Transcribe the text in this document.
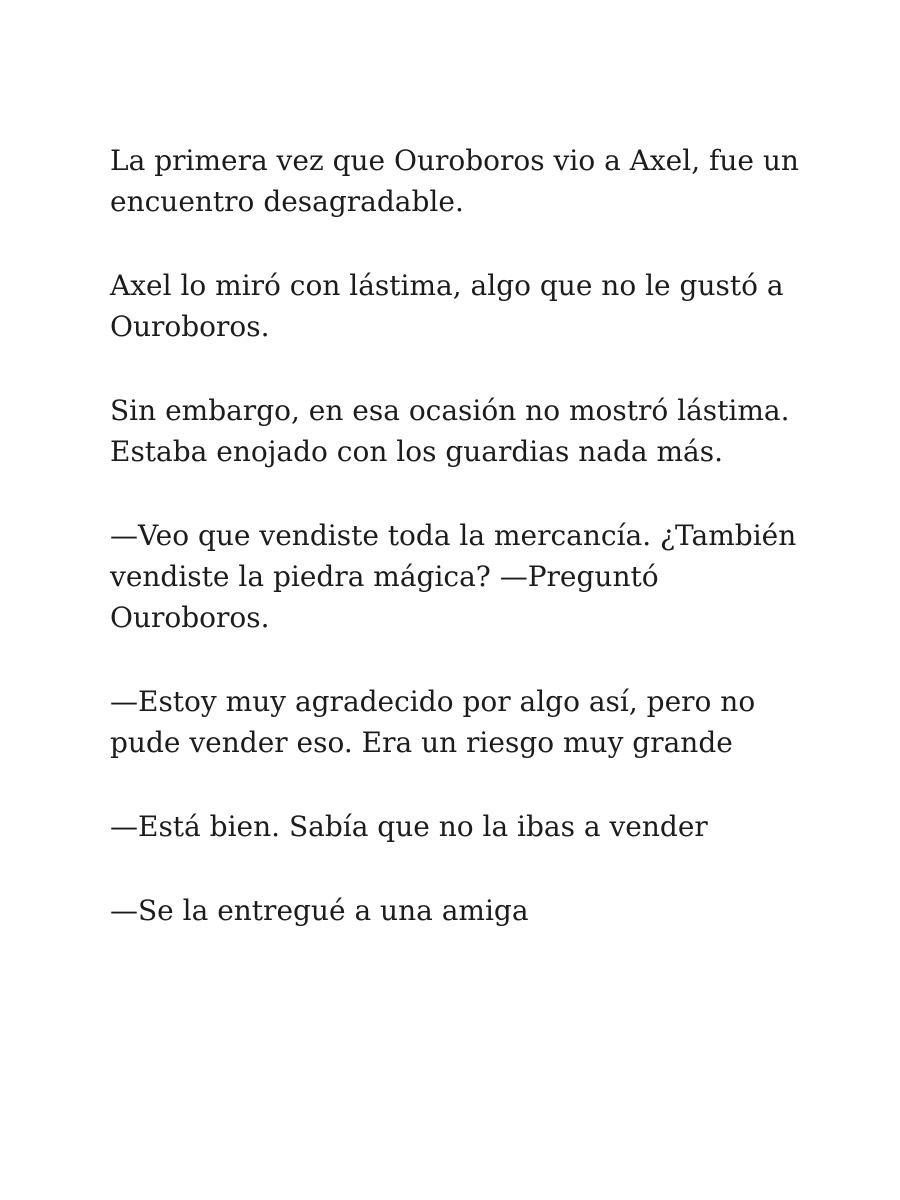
La primera vez que Ouroboros vio a Axel, fue un
encuentro desagradable.

Axel lo miró con lástima, algo que no le gustó a
Ouroboros.

Sin embargo, en esa ocasión no mostró lástima.
Estaba enojado con los guardias nada más.

—Veo que vendiste toda la mercancía. ¿También
vendiste la piedra mágica? —Preguntó
Ouroboros.

—Estoy muy agradecido por algo así, pero no
pude vender eso. Era un riesgo muy grande

—Está bien. Sabía que no la ibas a vender

—Se la entregué a una amiga
